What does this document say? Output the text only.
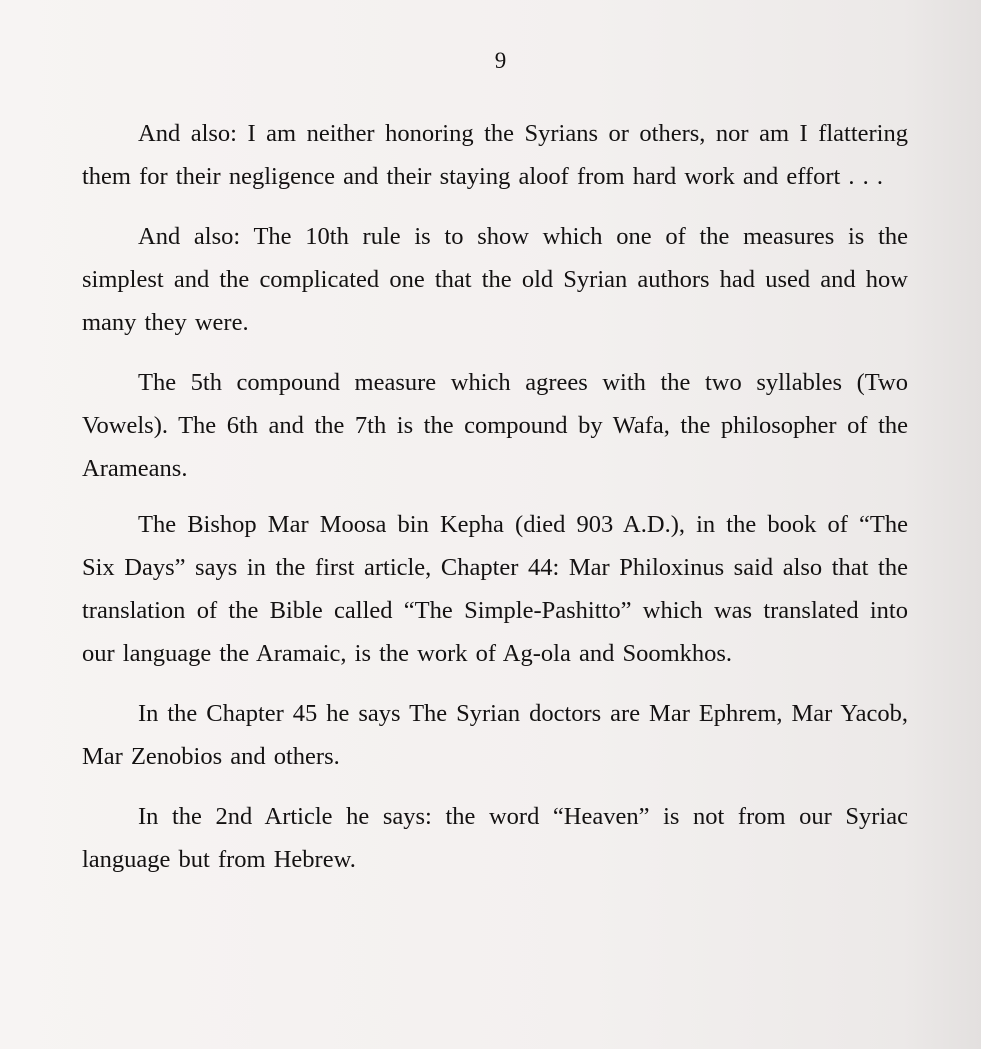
9

And also: I am neither honoring the Syrians or others, nor am I flattering them for their negligence and their staying aloof from hard work and effort . . .

And also: The 10th rule is to show which one of the measures is the simplest and the complicated one that the old Syrian authors had used and how many they were.

The 5th compound measure which agrees with the two syllables (Two Vowels). The 6th and the 7th is the compound by Wafa, the philosopher of the Arameans.

The Bishop Mar Moosa bin Kepha (died 903 A.D.), in the book of “The Six Days” says in the first article, Chapter 44: Mar Philoxinus said also that the translation of the Bible called “The Simple-Pashitto” which was translated into our language the Aramaic, is the work of Ag-ola and Soomkhos.

In the Chapter 45 he says The Syrian doctors are Mar Ephrem, Mar Yacob, Mar Zenobios and others.

In the 2nd Article he says: the word “Heaven” is not from our Syriac language but from Hebrew.
